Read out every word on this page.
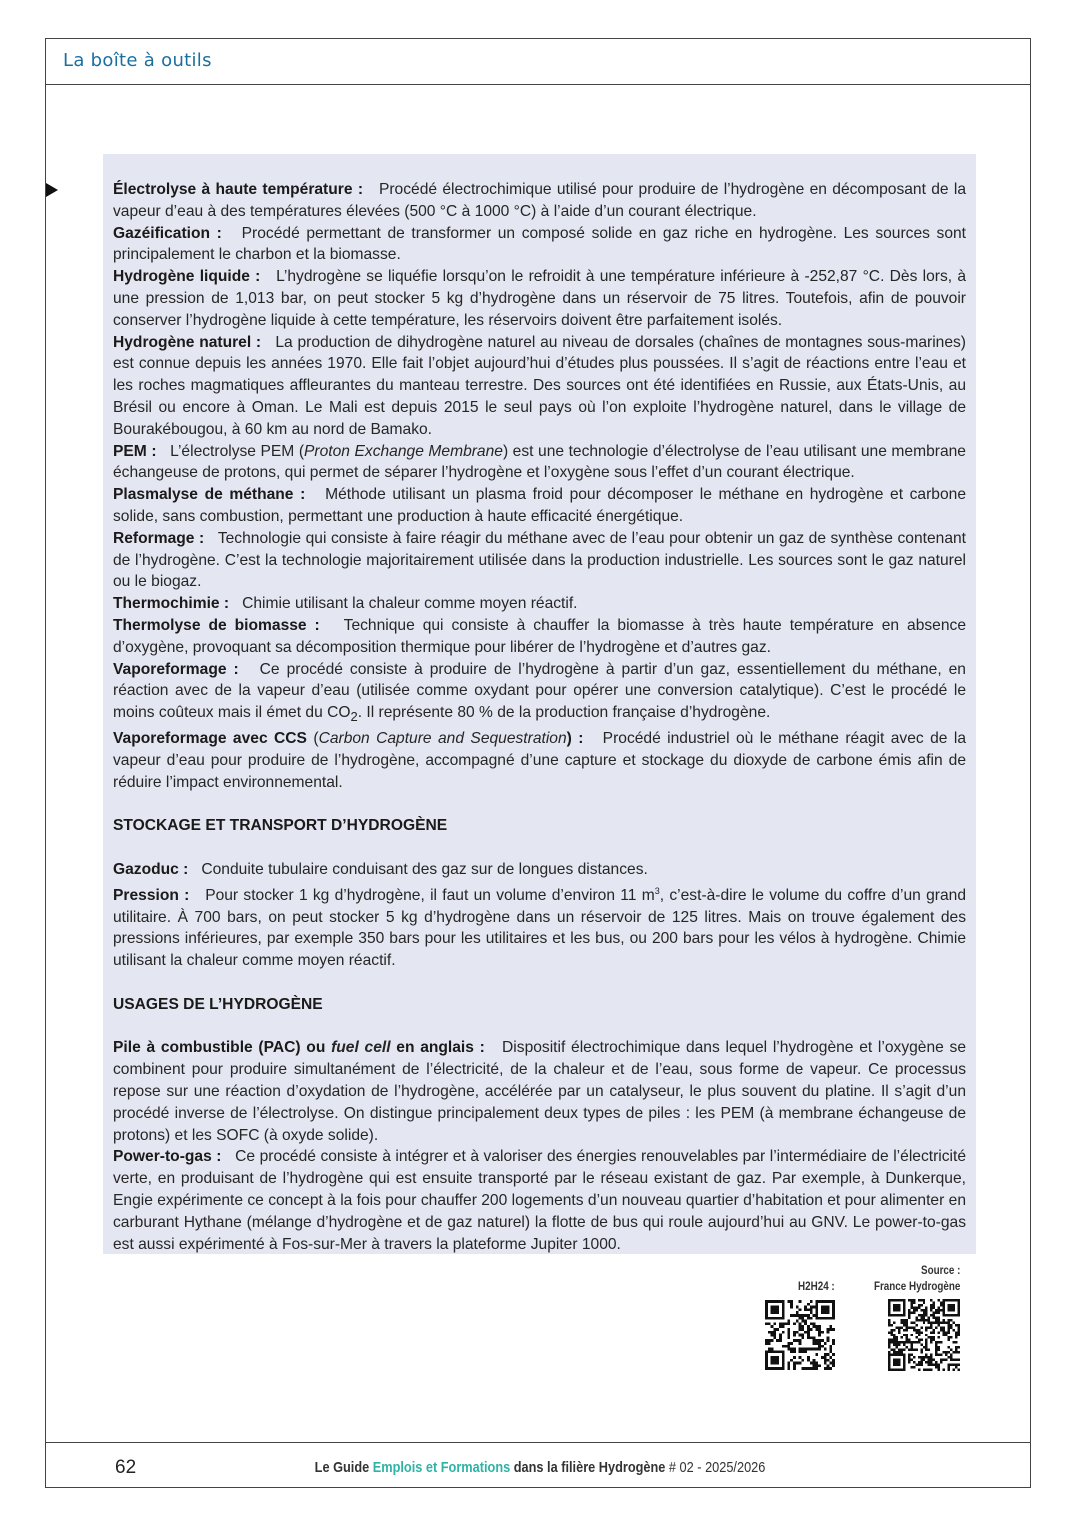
La boîte à outils

Électrolyse à haute température : Procédé électrochimique utilisé pour produire de l’hydrogène en décomposant de la vapeur d’eau à des températures élevées (500 °C à 1000 °C) à l’aide d’un courant électrique.

Gazéification : Procédé permettant de transformer un composé solide en gaz riche en hydrogène. Les sources sont principalement le charbon et la biomasse.

Hydrogène liquide : L’hydrogène se liquéfie lorsqu’on le refroidit à une température inférieure à -252,87 °C. Dès lors, à une pression de 1,013 bar, on peut stocker 5 kg d’hydrogène dans un réservoir de 75 litres. Toutefois, afin de pouvoir conserver l’hydrogène liquide à cette température, les réservoirs doivent être parfaitement isolés.

Hydrogène naturel : La production de dihydrogène naturel au niveau de dorsales (chaînes de montagnes sous-marines) est connue depuis les années 1970. Elle fait l’objet aujourd’hui d’études plus poussées. Il s’agit de réactions entre l’eau et les roches magmatiques affleurantes du manteau terrestre. Des sources ont été identifiées en Russie, aux États-Unis, au Brésil ou encore à Oman. Le Mali est depuis 2015 le seul pays où l’on exploite l’hydrogène naturel, dans le village de Bourakébougou, à 60 km au nord de Bamako.

PEM : L’électrolyse PEM (Proton Exchange Membrane) est une technologie d’électrolyse de l’eau utilisant une membrane échangeuse de protons, qui permet de séparer l’hydrogène et l’oxygène sous l’effet d’un courant électrique.

Plasmalyse de méthane : Méthode utilisant un plasma froid pour décomposer le méthane en hydrogène et carbone solide, sans combustion, permettant une production à haute efficacité énergétique.

Reformage : Technologie qui consiste à faire réagir du méthane avec de l’eau pour obtenir un gaz de synthèse contenant de l’hydrogène. C’est la technologie majoritairement utilisée dans la production industrielle. Les sources sont le gaz naturel ou le biogaz.

Thermochimie : Chimie utilisant la chaleur comme moyen réactif.

Thermolyse de biomasse : Technique qui consiste à chauffer la biomasse à très haute température en absence d’oxygène, provoquant sa décomposition thermique pour libérer de l’hydrogène et d’autres gaz.

Vaporeformage : Ce procédé consiste à produire de l’hydrogène à partir d’un gaz, essentiellement du méthane, en réaction avec de la vapeur d’eau (utilisée comme oxydant pour opérer une conversion catalytique). C’est le procédé le moins coûteux mais il émet du $CO_2$. Il représente 80 % de la production française d’hydrogène.

Vaporeformage avec CCS (Carbon Capture and Sequestration) : Procédé industriel où le méthane réagit avec de la vapeur d’eau pour produire de l’hydrogène, accompagné d’une capture et stockage du dioxyde de carbone émis afin de réduire l’impact environnemental.

STOCKAGE ET TRANSPORT D’HYDROGÈNE

Gazoduc : Conduite tubulaire conduisant des gaz sur de longues distances.

Pression : Pour stocker 1 kg d’hydrogène, il faut un volume d’environ 11 $m^3$, c’est-à-dire le volume du coffre d’un grand utilitaire. À 700 bars, on peut stocker 5 kg d’hydrogène dans un réservoir de 125 litres. Mais on trouve également des pressions inférieures, par exemple 350 bars pour les utilitaires et les bus, ou 200 bars pour les vélos à hydrogène. Chimie utilisant la chaleur comme moyen réactif.

USAGES DE L’HYDROGÈNE

Pile à combustible (PAC) ou fuel cell en anglais : Dispositif électrochimique dans lequel l’hydrogène et l’oxygène se combinent pour produire simultanément de l’électricité, de la chaleur et de l’eau, sous forme de vapeur. Ce processus repose sur une réaction d’oxydation de l’hydrogène, accélérée par un catalyseur, le plus souvent du platine. Il s’agit d’un procédé inverse de l’électrolyse. On distingue principalement deux types de piles : les PEM (à membrane échangeuse de protons) et les SOFC (à oxyde solide).

Power-to-gas : Ce procédé consiste à intégrer et à valoriser des énergies renouvelables par l’intermédiaire de l’électricité verte, en produisant de l’hydrogène qui est ensuite transporté par le réseau existant de gaz. Par exemple, à Dunkerque, Engie expérimente ce concept à la fois pour chauffer 200 logements d’un nouveau quartier d’habitation et pour alimenter en carburant Hythane (mélange d’hydrogène et de gaz naturel) la flotte de bus qui roule aujourd’hui au GNV. Le power-to-gas est aussi expérimenté à Fos-sur-Mer à travers la plateforme Jupiter 1000.

H2H24 :
Source :
France Hydrogène
62	Le Guide Emplois et Formations dans la filière Hydrogène # 02 - 2025/2026
